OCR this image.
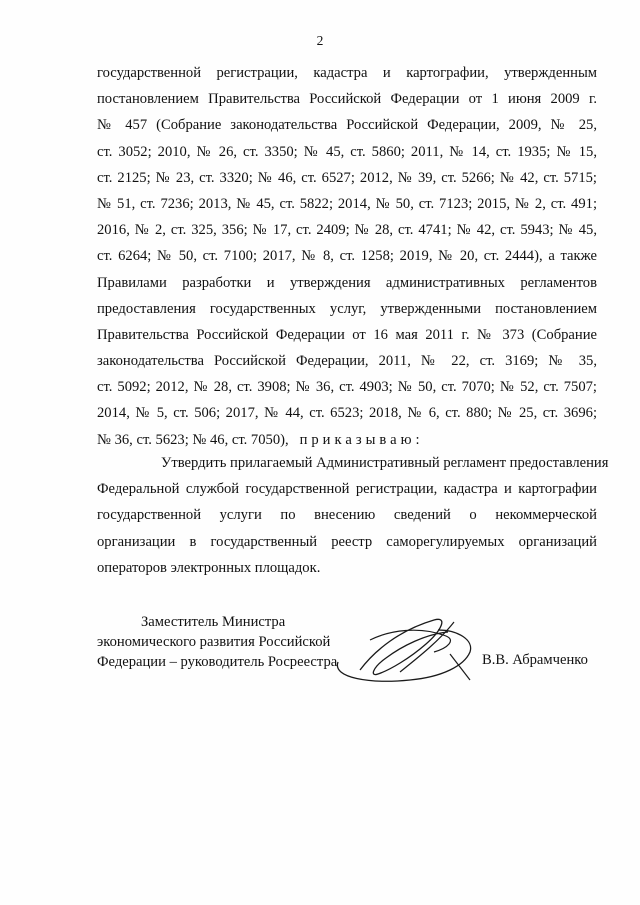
2
государственной регистрации, кадастра и картографии, утвержденным
постановлением Правительства Российской Федерации от 1 июня 2009 г.
№ 457 (Собрание законодательства Российской Федерации, 2009, № 25,
ст. 3052; 2010, № 26, ст. 3350; № 45, ст. 5860; 2011, № 14, ст. 1935; № 15,
ст. 2125; № 23, ст. 3320; № 46, ст. 6527; 2012, № 39, ст. 5266; № 42, ст. 5715;
№ 51, ст. 7236; 2013, № 45, ст. 5822; 2014, № 50, ст. 7123; 2015, № 2, ст. 491;
2016, № 2, ст. 325, 356; № 17, ст. 2409; № 28, ст. 4741; № 42, ст. 5943; № 45,
ст. 6264; № 50, ст. 7100; 2017, № 8, ст. 1258; 2019, № 20, ст. 2444), а также
Правилами разработки и утверждения административных регламентов
предоставления государственных услуг, утвержденными постановлением
Правительства Российской Федерации от 16 мая 2011 г. № 373 (Собрание
законодательства Российской Федерации, 2011, № 22, ст. 3169; № 35,
ст. 5092; 2012, № 28, ст. 3908; № 36, ст. 4903; № 50, ст. 7070; № 52, ст. 7507;
2014, № 5, ст. 506; 2017, № 44, ст. 6523; 2018, № 6, ст. 880; № 25, ст. 3696;
№ 36, ст. 5623; № 46, ст. 7050), приказываю:
Утвердить прилагаемый Административный регламент предоставления
Федеральной службой государственной регистрации, кадастра и картографии
государственной услуги по внесению сведений о некоммерческой
организации в государственный реестр саморегулируемых организаций
операторов электронных площадок.
Заместитель Министра
экономического развития Российской
Федерации – руководитель Росреестра	В.В. Абрамченко
